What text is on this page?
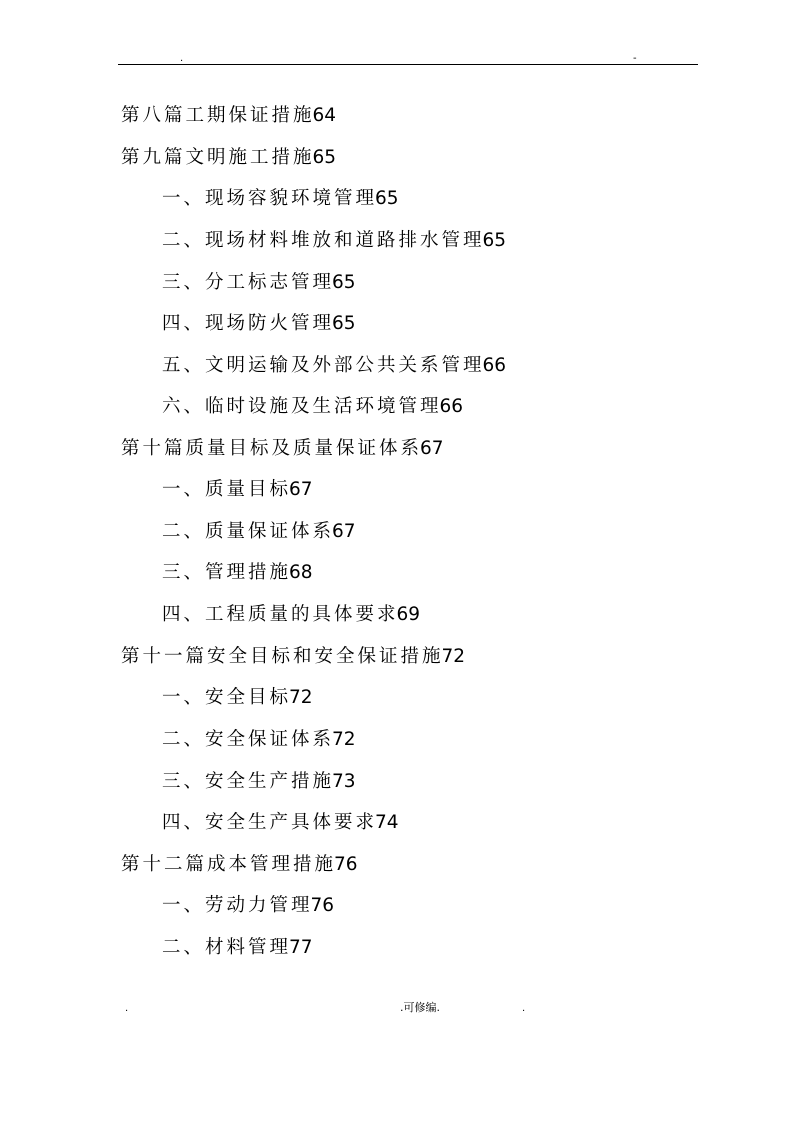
.	-
第八篇工期保证措施64
第九篇文明施工措施65
一、现场容貌环境管理65
二、现场材料堆放和道路排水管理65
三、分工标志管理65
四、现场防火管理65
五、文明运输及外部公共关系管理66
六、临时设施及生活环境管理66
第十篇质量目标及质量保证体系67
一、质量目标67
二、质量保证体系67
三、管理措施68
四、工程质量的具体要求69
第十一篇安全目标和安全保证措施72
一、安全目标72
二、安全保证体系72
三、安全生产措施73
四、安全生产具体要求74
第十二篇成本管理措施76
一、劳动力管理76
二、材料管理77
.	.可修编.	.
